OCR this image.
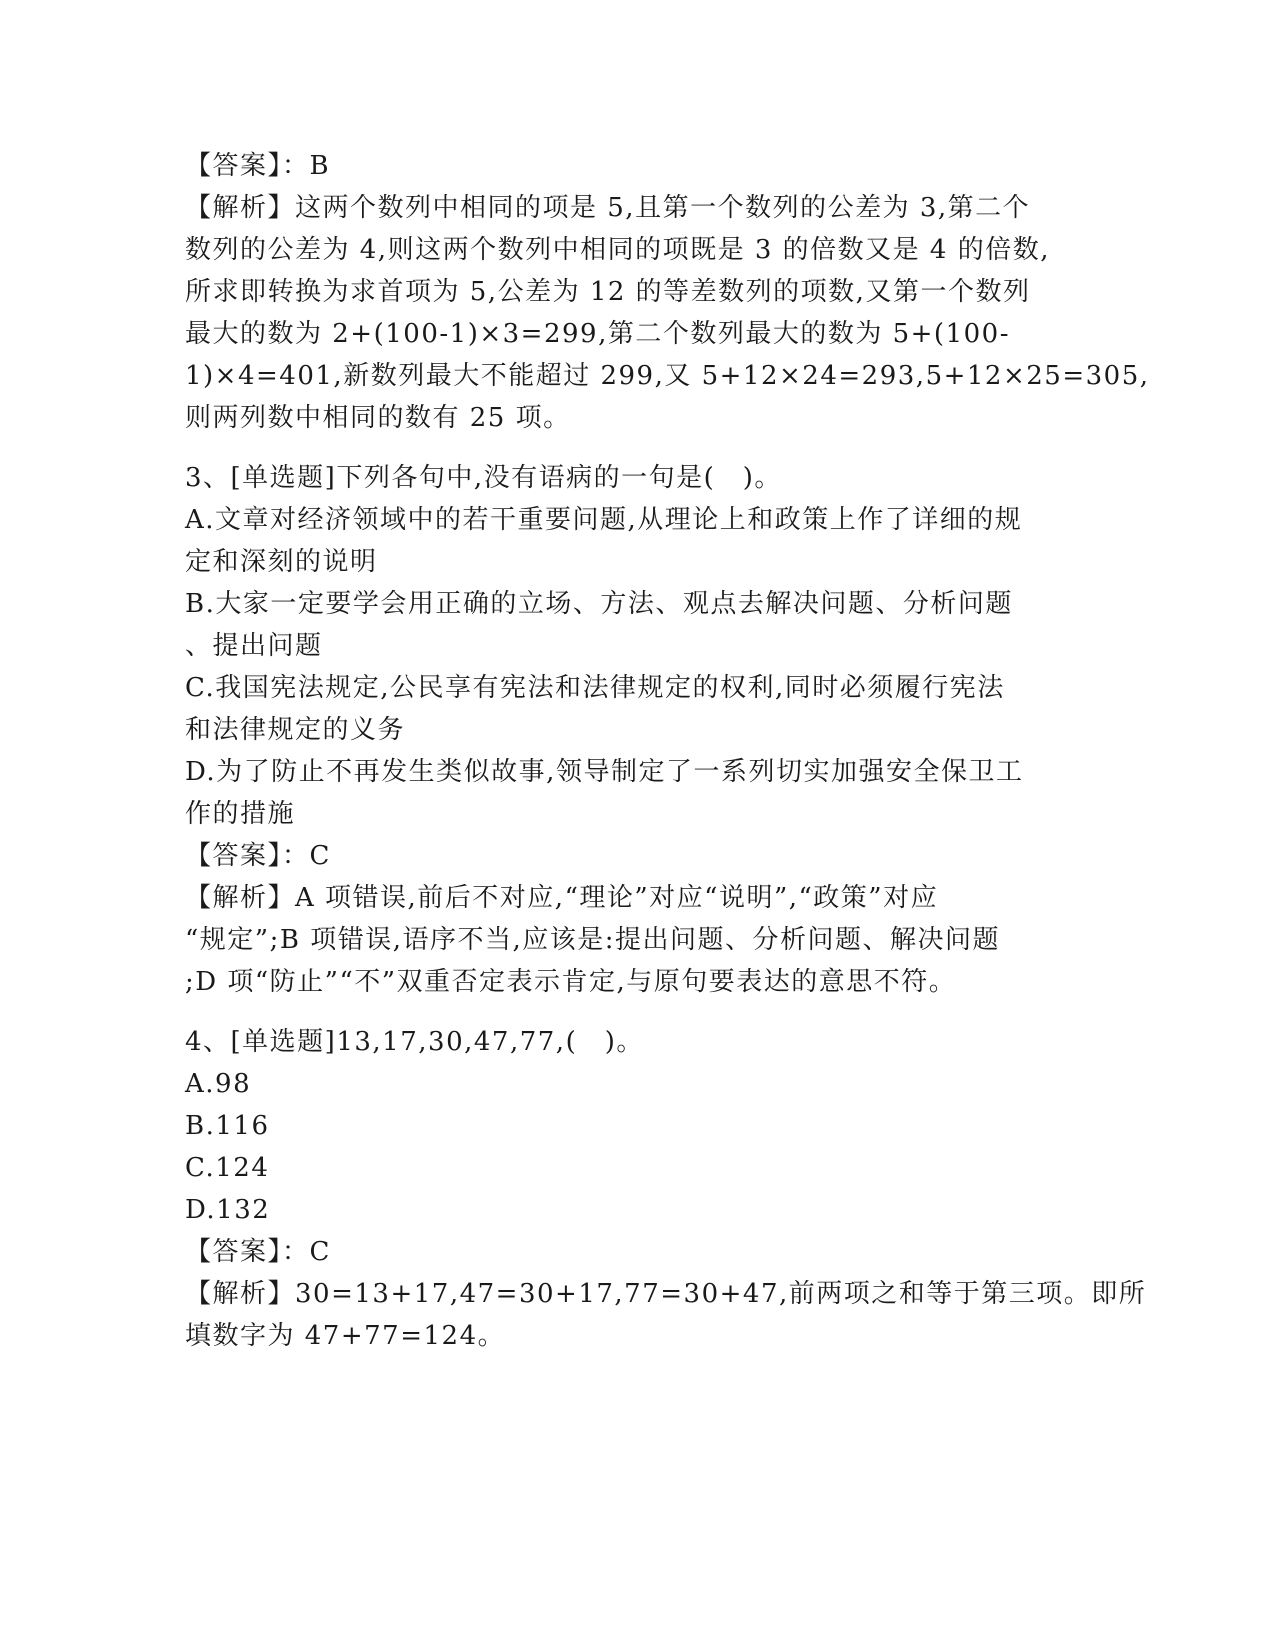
【答案】：B
【解析】这两个数列中相同的项是 5,且第一个数列的公差为 3,第二个
数列的公差为 4,则这两个数列中相同的项既是 3 的倍数又是 4 的倍数,
所求即转换为求首项为 5,公差为 12 的等差数列的项数,又第一个数列
最大的数为 2+(100-1)×3=299,第二个数列最大的数为 5+(100-
1)×4=401,新数列最大不能超过 299,又 5+12×24=293,5+12×25=305,
则两列数中相同的数有 25 项。
3、[单选题]下列各句中,没有语病的一句是(　)。
A.文章对经济领域中的若干重要问题,从理论上和政策上作了详细的规
定和深刻的说明
B.大家一定要学会用正确的立场、方法、观点去解决问题、分析问题
、提出问题
C.我国宪法规定,公民享有宪法和法律规定的权利,同时必须履行宪法
和法律规定的义务
D.为了防止不再发生类似故事,领导制定了一系列切实加强安全保卫工
作的措施
【答案】：C
【解析】A 项错误,前后不对应,“理论”对应“说明”,“政策”对应
“规定”;B 项错误,语序不当,应该是:提出问题、分析问题、解决问题
;D 项“防止”“不”双重否定表示肯定,与原句要表达的意思不符。
4、[单选题]13,17,30,47,77,(　)。
A.98
B.116
C.124
D.132
【答案】：C
【解析】30=13+17,47=30+17,77=30+47,前两项之和等于第三项。即所
填数字为 47+77=124。
